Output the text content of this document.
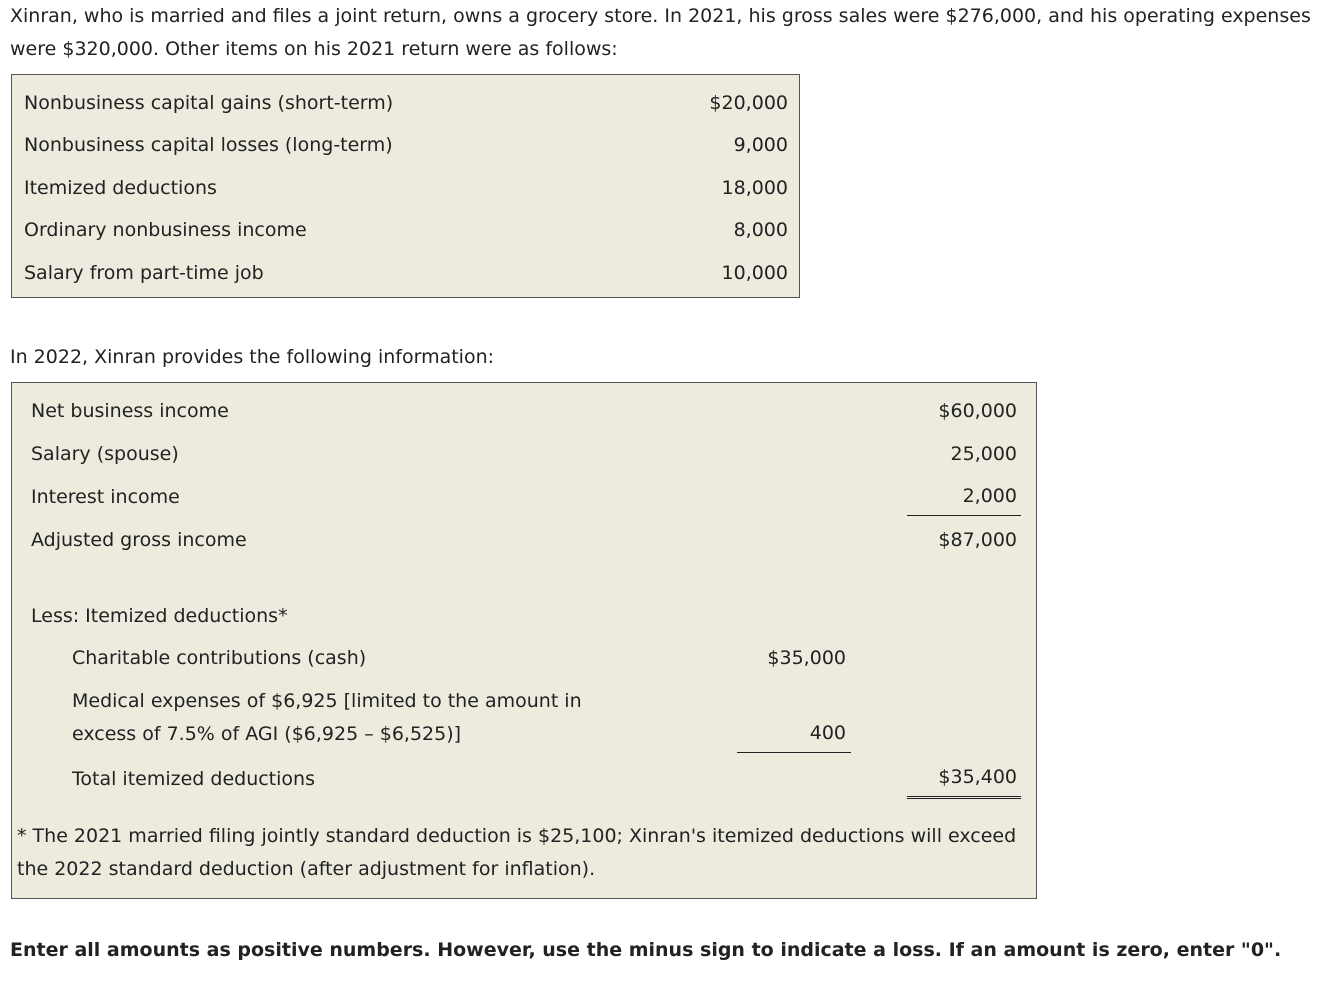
Xinran, who is married and files a joint return, owns a grocery store. In 2021, his gross sales were $276,000, and his operating expenses were $320,000. Other items on his 2021 return were as follows:

Nonbusiness capital gains (short-term)	$20,000
Nonbusiness capital losses (long-term)	9,000
Itemized deductions	18,000
Ordinary nonbusiness income	8,000
Salary from part-time job	10,000

In 2022, Xinran provides the following information:

Net business income	$60,000
Salary (spouse)	25,000
Interest income	2,000
Adjusted gross income	$87,000
Less: Itemized deductions*
Charitable contributions (cash)	$35,000
Medical expenses of $6,925 [limited to the amount in
excess of 7.5% of AGI ($6,925 – $6,525)]	400
Total itemized deductions	$35,400

* The 2021 married filing jointly standard deduction is $25,100; Xinran's itemized deductions will exceed the 2022 standard deduction (after adjustment for inflation).

Enter all amounts as positive numbers. However, use the minus sign to indicate a loss. If an amount is zero, enter "0".
